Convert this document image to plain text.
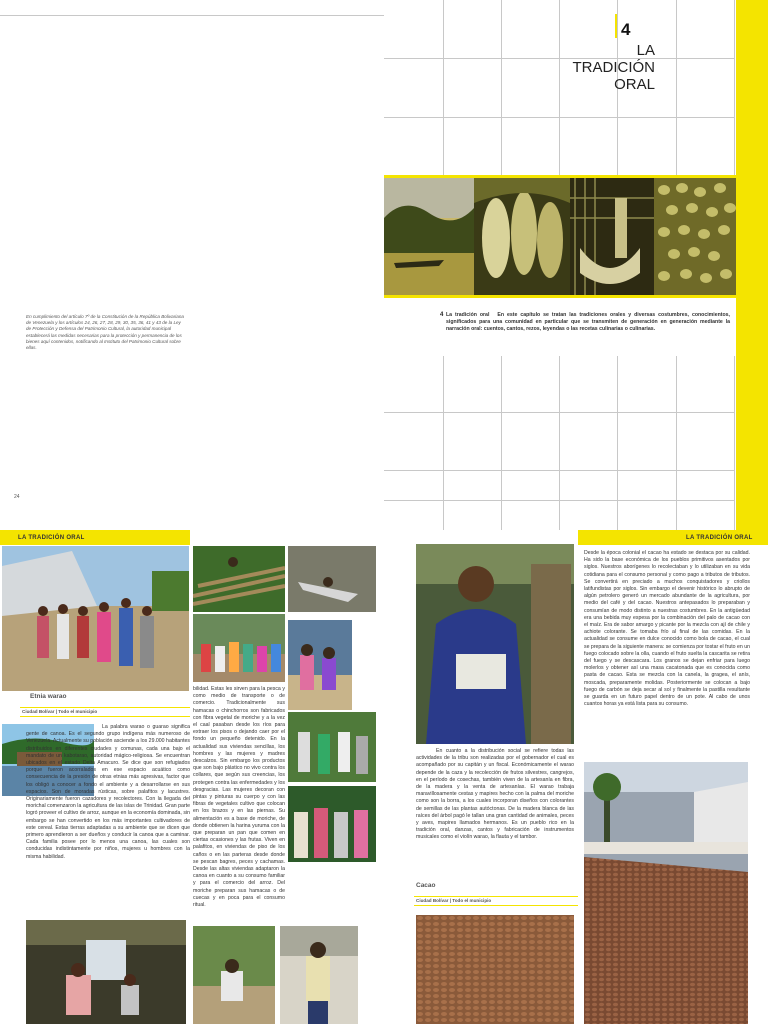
En cumplimiento del artículo 7º de la Constitución de la República Bolivariana de Venezuela y los artículos 24, 26, 27, 28, 29, 30, 35, 36, 41 y 43 de la Ley de Protección y Defensa del Patrimonio Cultural, la autoridad municipal establecerá las medidas necesarias para la protección y permanencia de los bienes aquí contenidos, notificando al Instituto del Patrimonio Cultural sobre ellas.
24
4
LA
TRADICIÓN
ORAL
4 La tradición oral En este capítulo se tratan las tradiciones orales y diversas costumbres, conocimientos, significados para una comunidad en particular que se transmiten de generación en generación mediante la narración oral: cuentos, cantos, rezos, leyendas o las recetas culinarias o culinarias.
LA TRADICIÓN ORAL
Etnia warao
Ciudad Bolívar | Todo el municipio
La palabra warao o guarao significa gente de canoa. Es el segundo grupo indígena más numeroso de Venezuela. Actualmente su población asciende a los 29.000 habitantes distribuidos en diferentes ciudades y comunas, cada una bajo el mandato de un kabotarao, autoridad mágico-religiosa. Se encuentran ubicados en el estado Delta Amacuro. Se dice que son refugiados porque fueron acorralados en ese espacio acuático como consecuencia de la presión de otras etnias más agresivas, factor que los obligó a conocer a fondo el ambiente y a desarrollarse en sus espacios. Son de moradas rústicas, sobre palafitos y lacustres. Originariamente fueron cazadores y recolectores. Con la llegada del morichal comenzaron la agricultura de las islas de Trinidad. Gran parte logró proveer el cultivo de arroz, aunque en la economía dominada, sin embargo se han convertido en los más importantes cultivadores de este cereal. Estas tierras adaptadas a su ambiente que se dicen que primero aprendieron a ser dueños y conducir la canoa que a caminar. Cada familia posee por lo menos una canoa, las cuales son conducidas indistintamente por niños, mujeres u hombres con la misma habilidad.
bilidad. Estas les sirven para la pesca y como medio de transporte o de comercio. Tradicionalmente sus hamacas o chinchorros son fabricados con fibra vegetal de moriche y a la vez el caal pasaban desde los ríos para extraer los pisos o dejando caer por el fondo un pequeño detenido. En la actualidad sus viviendas sencillas, los hombres y las mujeres y madres descalzos. Sin embargo los productos que son bajo plástico no vivo contra los collares, que según sus creencias, los protegen contra las enfermedades y los desgracias. Las mujeres decoran con pintas y pinturas su cuerpo y con las fibras de vegetales cultivo que colocan en los brazos y en las piernas. Su alimentación es a base de moriche, de donde obtienen la harina yuruma con la que preparan un pan que comen en ciertas ocasiones y las frutas. Viven en palafitos, en viviendas de piso de los caños o en las parteras desde donde se pescan bagres, peces y cachamas. Desde las altas viviendas adaptaron la canoa en cuanto a su consumo familiar y para el comercio del arroz. Del moriche preparan sus hamacas o de cuecas y en poca para el consumo ritual.
LA TRADICIÓN ORAL
En cuanto a la distribución social se refiere todas las actividades de la tribu son realizadas por el gobernador el cual es acompañado por su capitán y un fiscal. Económicamente el warao depende de la caza y la recolección de frutos silvestres, cangrejos, en el período de cosechas, también viven de la artesanía en fibra, de la madera y la venta de artesanías. El warao trabaja maravillosamente cestas y mapires hecho con la palma del moriche como son la borra, a los cuales incorporan diseños con colorantes de semillas de las plantas autóctonas. De la madera blanca de las raíces del árbol pagó le tallan una gran cantidad de animales, peces y aves, mapires llamados hermanos. Es un pueblo rico en la tradición oral, danzas, cantos y fabricación de instrumentos musicales como el violín warao, la flauta y el tambor.
Cacao
Ciudad Bolívar | Todo el municipio
Desde la época colonial el cacao ha estado se destaca por su calidad. Ha sido la base económica de los pueblos primitivos asentados por siglos. Nuestros aborígenes lo recolectaban y lo utilizaban en su vida cotidiana para el consumo personal y como pago a tributos de tributos. Se convertirá en preciado a muchos conquistadores y criollos latifundistas por siglos. Sin embargo el devenir histórico lo abrupto de algún petrolero generó un mercado abundante de la agricultura, por medio del café y del cacao. Nuestros antepasados lo preparaban y consumían de modo distinto a nuestras costumbres. En la antigüedad era una bebida muy espesa por la combinación del palo de cacao con el maíz. Era de sabor amargo y picante por la mezcla con ají de chile y achiote colorante. Se tomaba frío al final de las comidas. En la actualidad se consume en dulce conocido como bola de cacao, el cual se prepara de la siguiente manera: se comienza por tostar el fruto en un fuego colocado sobre la olla, cuando el fruto suelta la cascarita se retira del fuego y se descascara. Los granos se dejan enfriar para luego molerlos y obtener así una masa cacatonada que es conocida como pasta de cacao. Esta se mezcla con la canela, la gragea, el anís, moscada, preparamente molidas. Posteriormente se colocan a bajo fuego de carbón se deja secar al sol y finalmente la pastilla resultante se guarda en un futuro papel dentro de un pote. Al cabo de unos cuantos horas ya está lista para su consumo.
